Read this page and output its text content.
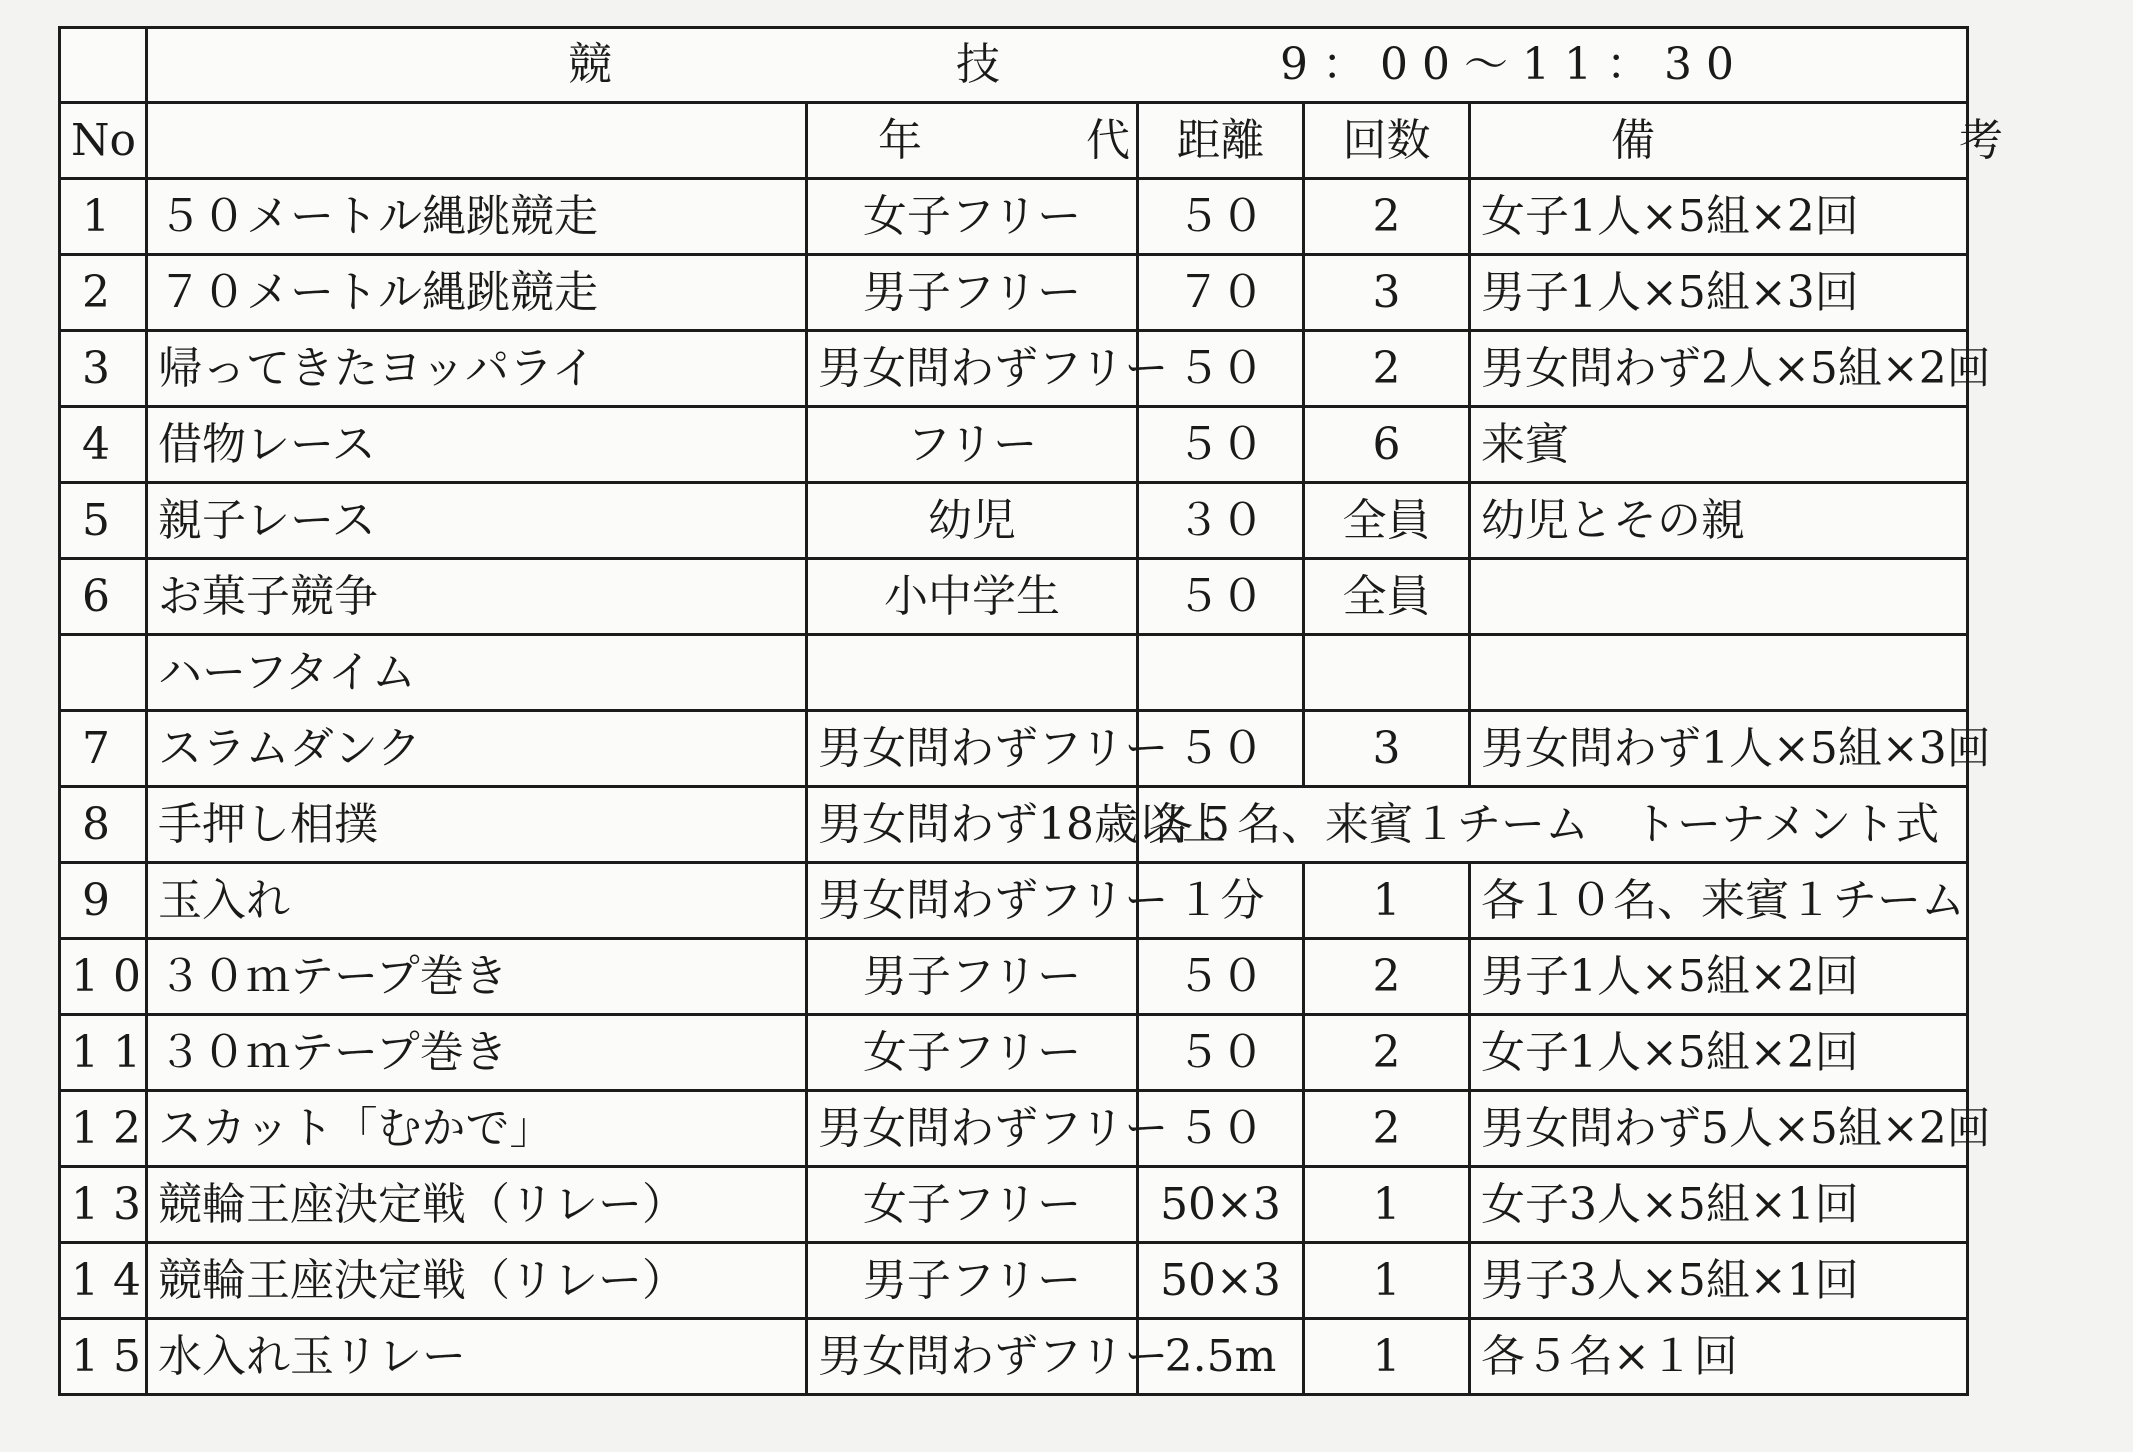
	競　技 9：00〜11：30				

No		年　代	距離	回数	備　考
1	５０メートル縄跳競走	女子フリー	５０	2	女子1人×5組×2回
2	７０メートル縄跳競走	男子フリー	７０	3	男子1人×5組×3回
3	帰ってきたヨッパライ	男女問わずフリー	５０	2	男女問わず2人×5組×2回
4	借物レース	フリー	５０	6	来賓
5	親子レース	幼児	３０	全員	幼児とその親
6	お菓子競争	小中学生	５０	全員	
	ハーフタイム				
7	スラムダンク	男女問わずフリー	５０	3	男女問わず1人×5組×3回
8	手押し相撲	男女問わず18歳以上	各５名、来賓１チーム　トーナメント式		
9	玉入れ	男女問わずフリー	１分	1	各１０名、来賓１チーム
10	３０ｍテープ巻き	男子フリー	５０	2	男子1人×5組×2回
11	３０ｍテープ巻き	女子フリー	５０	2	女子1人×5組×2回
12	スカット「むかで」	男女問わずフリー	５０	2	男女問わず5人×5組×2回
13	競輪王座決定戦（リレー）	女子フリー	50×3	1	女子3人×5組×1回
14	競輪王座決定戦（リレー）	男子フリー	50×3	1	男子3人×5組×1回
15	水入れ玉リレー	男女問わずフリー	2.5m	1	各５名×１回
